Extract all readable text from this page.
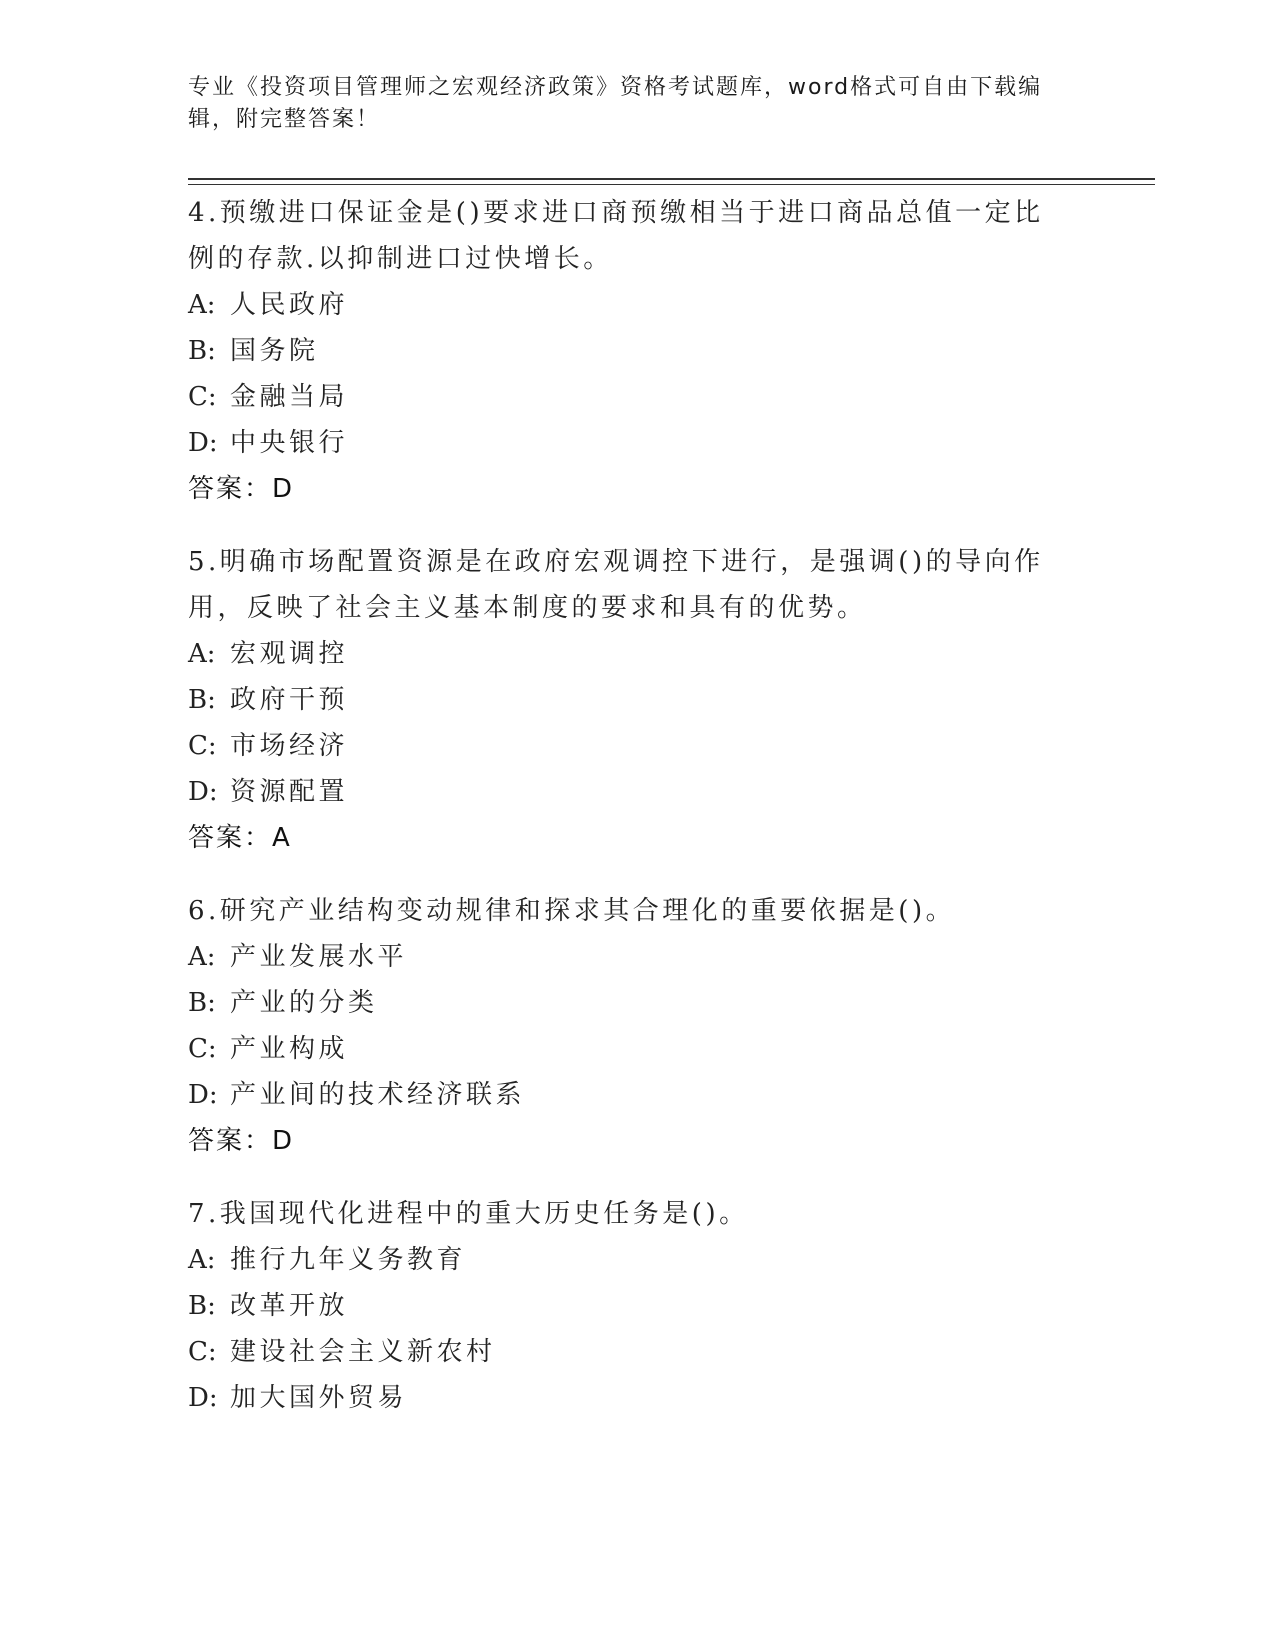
专业《投资项目管理师之宏观经济政策》资格考试题库，word格式可自由下载编辑，附完整答案！
4.预缴进口保证金是()要求进口商预缴相当于进口商品总值一定比例的存款.以抑制进口过快增长。
A: 人民政府
B: 国务院
C: 金融当局
D: 中央银行
答案：D
5.明确市场配置资源是在政府宏观调控下进行，是强调()的导向作用，反映了社会主义基本制度的要求和具有的优势。
A: 宏观调控
B: 政府干预
C: 市场经济
D: 资源配置
答案：A
6.研究产业结构变动规律和探求其合理化的重要依据是()。
A: 产业发展水平
B: 产业的分类
C: 产业构成
D: 产业间的技术经济联系
答案：D
7.我国现代化进程中的重大历史任务是()。
A: 推行九年义务教育
B: 改革开放
C: 建设社会主义新农村
D: 加大国外贸易
